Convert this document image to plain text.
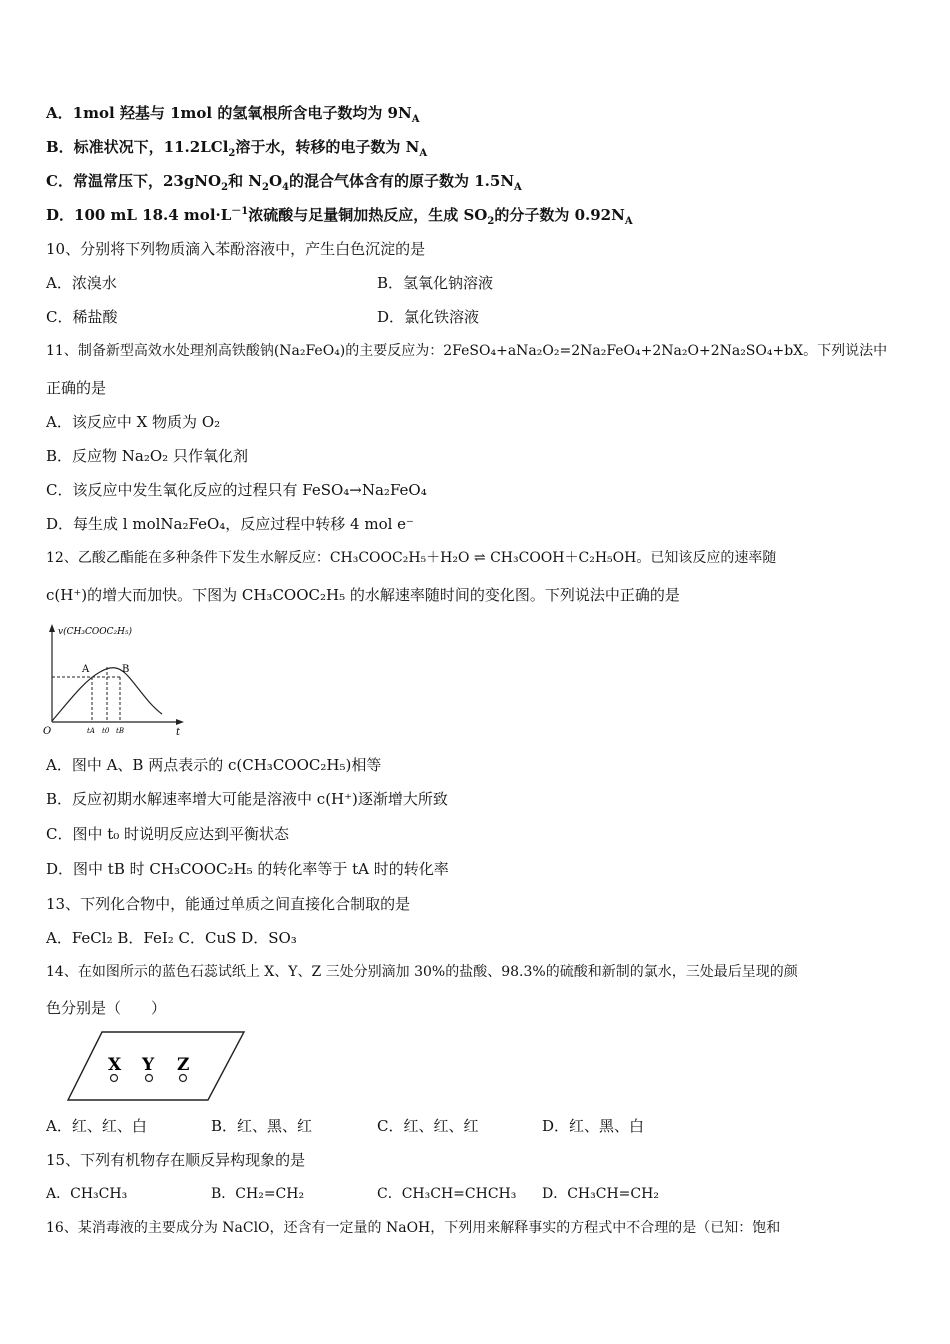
A．1mol 羟基与 1mol 的氢氧根所含电子数均为 $9N_A$
B．标准状况下，11.2LCl$_2$溶于水，转移的电子数为 $N_A$
C．常温常压下，23gNO$_2$和 $N_2O_4$的混合气体含有的原子数为 $1.5N_A$
D．100 mL 18.4 $mol\cdot L^{-1}$浓硫酸与足量铜加热反应，生成 $SO_2$的分子数为 $0.92N_A$
10、分别将下列物质滴入苯酚溶液中，产生白色沉淀的是
A．浓溴水	B．氢氧化钠溶液
C．稀盐酸	D．氯化铁溶液
11、制备新型高效水处理剂高铁酸钠(Na₂FeO₄)的主要反应为：2FeSO₄+aNa₂O₂=2Na₂FeO₄+2Na₂O+2Na₂SO₄+bX。下列说法中
正确的是
A．该反应中 X 物质为 O₂
B．反应物 Na₂O₂ 只作氧化剂
C．该反应中发生氧化反应的过程只有 FeSO₄→Na₂FeO₄
D．每生成 l molNa₂FeO₄，反应过程中转移 4 mol e⁻
12、乙酸乙酯能在多种条件下发生水解反应：CH₃COOC₂H₅＋H₂O ⇌ CH₃COOH＋C₂H₅OH。已知该反应的速率随
c(H⁺)的增大而加快。下图为 CH₃COOC₂H₅ 的水解速率随时间的变化图。下列说法中正确的是
v(CH₃COOC₂H₅)
t
O
A	B
tA t0 tB
A．图中 A、B 两点表示的 c(CH₃COOC₂H₅)相等
B．反应初期水解速率增大可能是溶液中 c(H⁺)逐渐增大所致
C．图中 t₀ 时说明反应达到平衡状态
D．图中 tB 时 CH₃COOC₂H₅ 的转化率等于 tA 时的转化率
13、下列化合物中，能通过单质之间直接化合制取的是
A．FeCl₂ B．FeI₂ C．CuS D．SO₃
14、在如图所示的蓝色石蕊试纸上 X、Y、Z 三处分别滴加 30%的盐酸、98.3%的硫酸和新制的氯水，三处最后呈现的颜
色分别是（　　）
X Y Z
A．红、红、白	B．红、黑、红	C．红、红、红	D．红、黑、白
15、下列有机物存在顺反异构现象的是
A．CH₃CH₃	B．CH₂=CH₂	C．CH₃CH=CHCH₃ D．CH₃CH=CH₂
16、某消毒液的主要成分为 NaClO，还含有一定量的 NaOH，下列用来解释事实的方程式中不合理的是（已知：饱和
